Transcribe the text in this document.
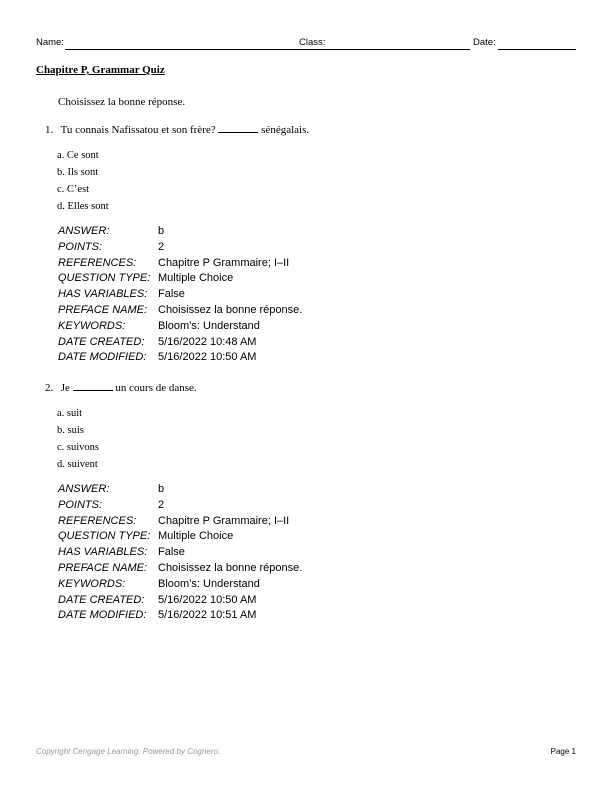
Name:	Class:	Date:
Chapitre P, Grammar Quiz
Choisissez la bonne réponse.
1. Tu connais Nafissatou et son frère?	sénégalais.
a. Ce sont
b. Ils sont
c. C’est
d. Elles sont
ANSWER:	b
POINTS:	2
REFERENCES: Chapitre P Grammaire; I–II
QUESTION TYPE: Multiple Choice
HAS VARIABLES: False
PREFACE NAME: Choisissez la bonne réponse.
KEYWORDS:	Bloom’s: Understand
DATE CREATED: 5/16/2022 10:48 AM
DATE MODIFIED: 5/16/2022 10:50 AM
2. Je	un cours de danse.
a. suit
b. suis
c. suivons
d. suivent
ANSWER:	b
POINTS:	2
REFERENCES: Chapitre P Grammaire; I–II
QUESTION TYPE: Multiple Choice
HAS VARIABLES: False
PREFACE NAME: Choisissez la bonne réponse.
KEYWORDS:	Bloom’s: Understand
DATE CREATED: 5/16/2022 10:50 AM
DATE MODIFIED: 5/16/2022 10:51 AM
Copyright Cengage Learning. Powered by Cognero.	Page 1
